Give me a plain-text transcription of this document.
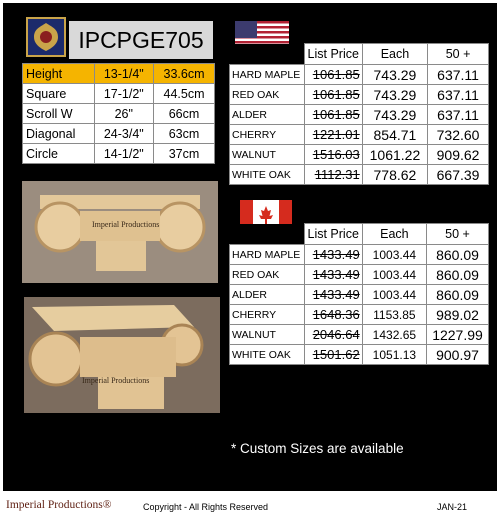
IPCPGE705
Height	13-1/4"	33.6cm
Square	17-1/2"	44.5cm
Scroll W	26"	66cm
Diagonal	24-3/4"	63cm
Circle	14-1/2"	37cm
	List Price	Each	50 +
HARD MAPLE	1061.85	743.29	637.11
RED OAK	1061.85	743.29	637.11
ALDER	1061.85	743.29	637.11
CHERRY	1221.01	854.71	732.60
WALNUT	1516.03	1061.22	909.62
WHITE OAK	1112.31	778.62	667.39
	List Price	Each	50 +
HARD MAPLE	1433.49	1003.44	860.09
RED OAK	1433.49	1003.44	860.09
ALDER	1433.49	1003.44	860.09
CHERRY	1648.36	1153.85	989.02
WALNUT	2046.64	1432.65	1227.99
WHITE OAK	1501.62	1051.13	900.97
Imperial Productions
Imperial Productions
* Custom Sizes are available
Imperial Productions®	Copyright - All Rights Reserved	JAN-21
